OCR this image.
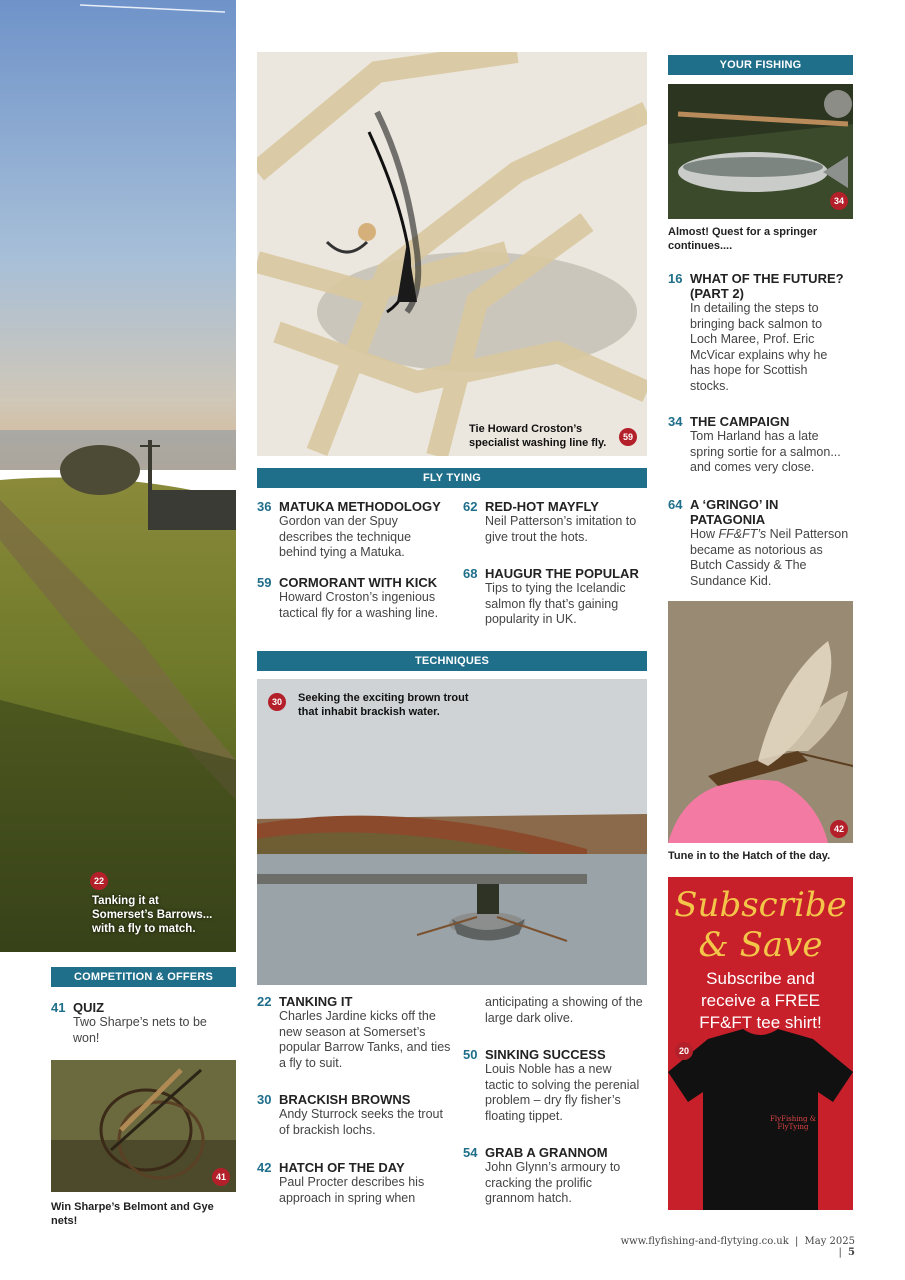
22
Tanking it at Somerset’s Barrows... with a fly to match.
Tie Howard Croston’s specialist washing line fly.	59
FLY TYING
36 MATUKA METHODOLOGY
Gordon van der Spuy describes the technique behind tying a Matuka.
59 CORMORANT WITH KICK
Howard Croston’s ingenious tactical fly for a washing line.
62 RED-HOT MAYFLY
Neil Patterson’s imitation to give trout the hots.
68 HAUGUR THE POPULAR
Tips to tying the Icelandic salmon fly that’s gaining popularity in UK.
TECHNIQUES
30	Seeking the exciting brown trout that inhabit brackish water.
22 TANKING IT
Charles Jardine kicks off the new season at Somerset’s popular Barrow Tanks, and ties a fly to suit.
30 BRACKISH BROWNS
Andy Sturrock seeks the trout of brackish lochs.
42 HATCH OF THE DAY
Paul Procter describes his approach in spring when
anticipating a showing of the large dark olive.
50 SINKING SUCCESS
Louis Noble has a new tactic to solving the perenial problem – dry fly fisher’s floating tippet.
54 GRAB A GRANNOM
John Glynn’s armoury to cracking the prolific grannom hatch.
YOUR FISHING
34
Almost! Quest for a springer continues....
16 WHAT OF THE FUTURE? (PART 2)
In detailing the steps to bringing back salmon to Loch Maree, Prof. Eric McVicar explains why he has hope for Scottish stocks.
34 THE CAMPAIGN
Tom Harland has a late spring sortie for a salmon... and comes very close.
64 A ‘GRINGO’ IN PATAGONIA
How FF&FT’s Neil Patterson became as notorious as Butch Cassidy & The Sundance Kid.
42
Tune in to the Hatch of the day.
Subscribe
& Save
Subscribe and receive a FREE FF&FT tee shirt!
FlyFishing & FlyTying
20
COMPETITION & OFFERS
41 QUIZ
Two Sharpe’s nets to be won!
41
Win Sharpe’s Belmont and Gye nets!
www.flyfishing-and-flytying.co.uk | May 2025 | 5
